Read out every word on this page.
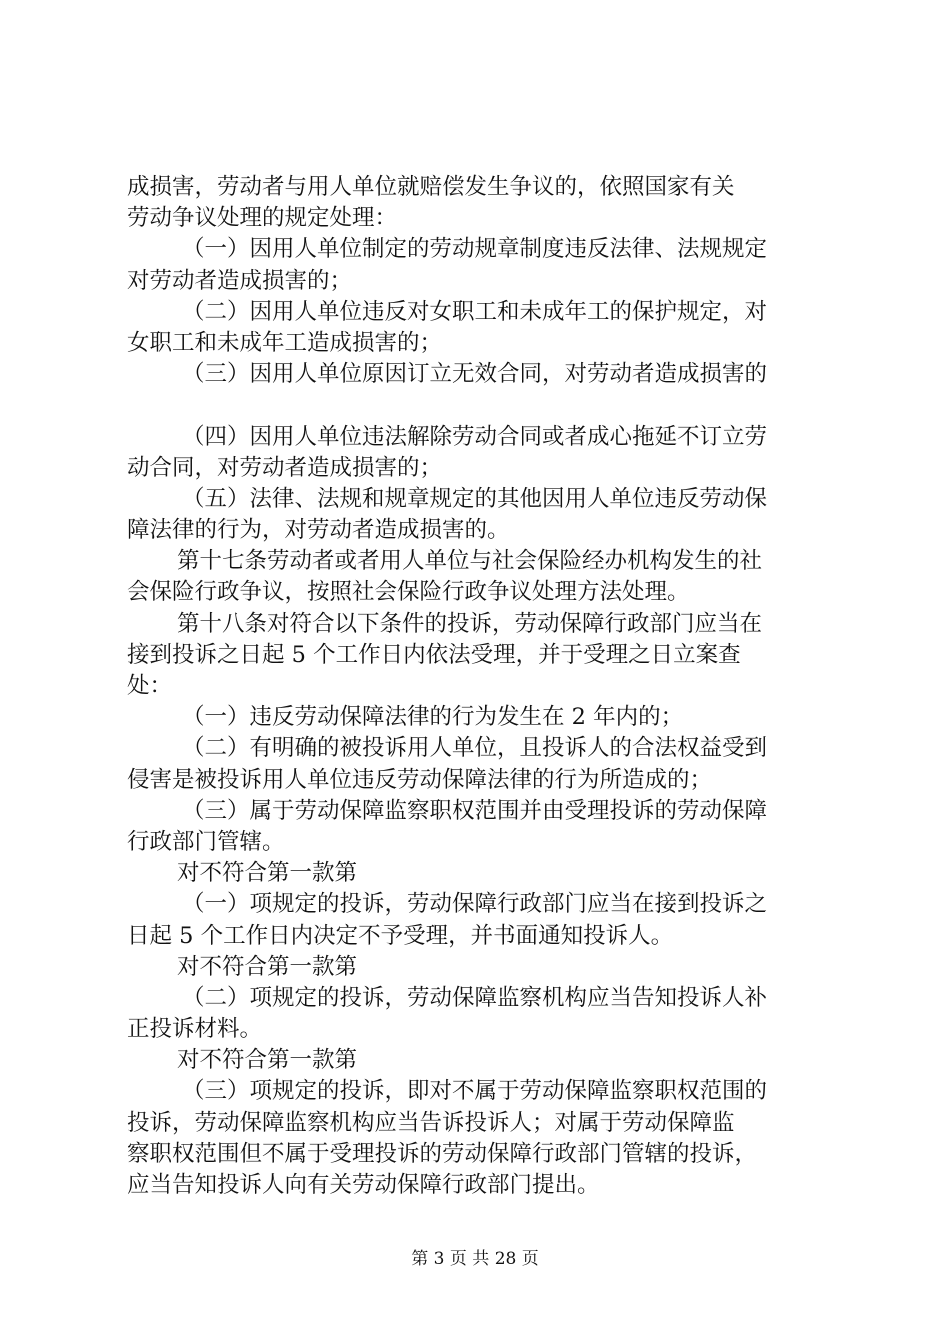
成损害，劳动者与用人单位就赔偿发生争议的，依照国家有关
劳动争议处理的规定处理：
（一）因用人单位制定的劳动规章制度违反法律、法规规定
对劳动者造成损害的；
（二）因用人单位违反对女职工和未成年工的保护规定，对
女职工和未成年工造成损害的；
（三）因用人单位原因订立无效合同，对劳动者造成损害的
（四）因用人单位违法解除劳动合同或者成心拖延不订立劳
动合同，对劳动者造成损害的；
（五）法律、法规和规章规定的其他因用人单位违反劳动保
障法律的行为，对劳动者造成损害的。
第十七条劳动者或者用人单位与社会保险经办机构发生的社
会保险行政争议，按照社会保险行政争议处理方法处理。
第十八条对符合以下条件的投诉，劳动保障行政部门应当在
接到投诉之日起 5 个工作日内依法受理，并于受理之日立案查
处：
（一）违反劳动保障法律的行为发生在 2 年内的；
（二）有明确的被投诉用人单位，且投诉人的合法权益受到
侵害是被投诉用人单位违反劳动保障法律的行为所造成的；
（三）属于劳动保障监察职权范围并由受理投诉的劳动保障
行政部门管辖。
对不符合第一款第
（一）项规定的投诉，劳动保障行政部门应当在接到投诉之
日起 5 个工作日内决定不予受理，并书面通知投诉人。
对不符合第一款第
（二）项规定的投诉，劳动保障监察机构应当告知投诉人补
正投诉材料。
对不符合第一款第
（三）项规定的投诉，即对不属于劳动保障监察职权范围的
投诉，劳动保障监察机构应当告诉投诉人；对属于劳动保障监
察职权范围但不属于受理投诉的劳动保障行政部门管辖的投诉，
应当告知投诉人向有关劳动保障行政部门提出。
第 3 页 共 28 页
